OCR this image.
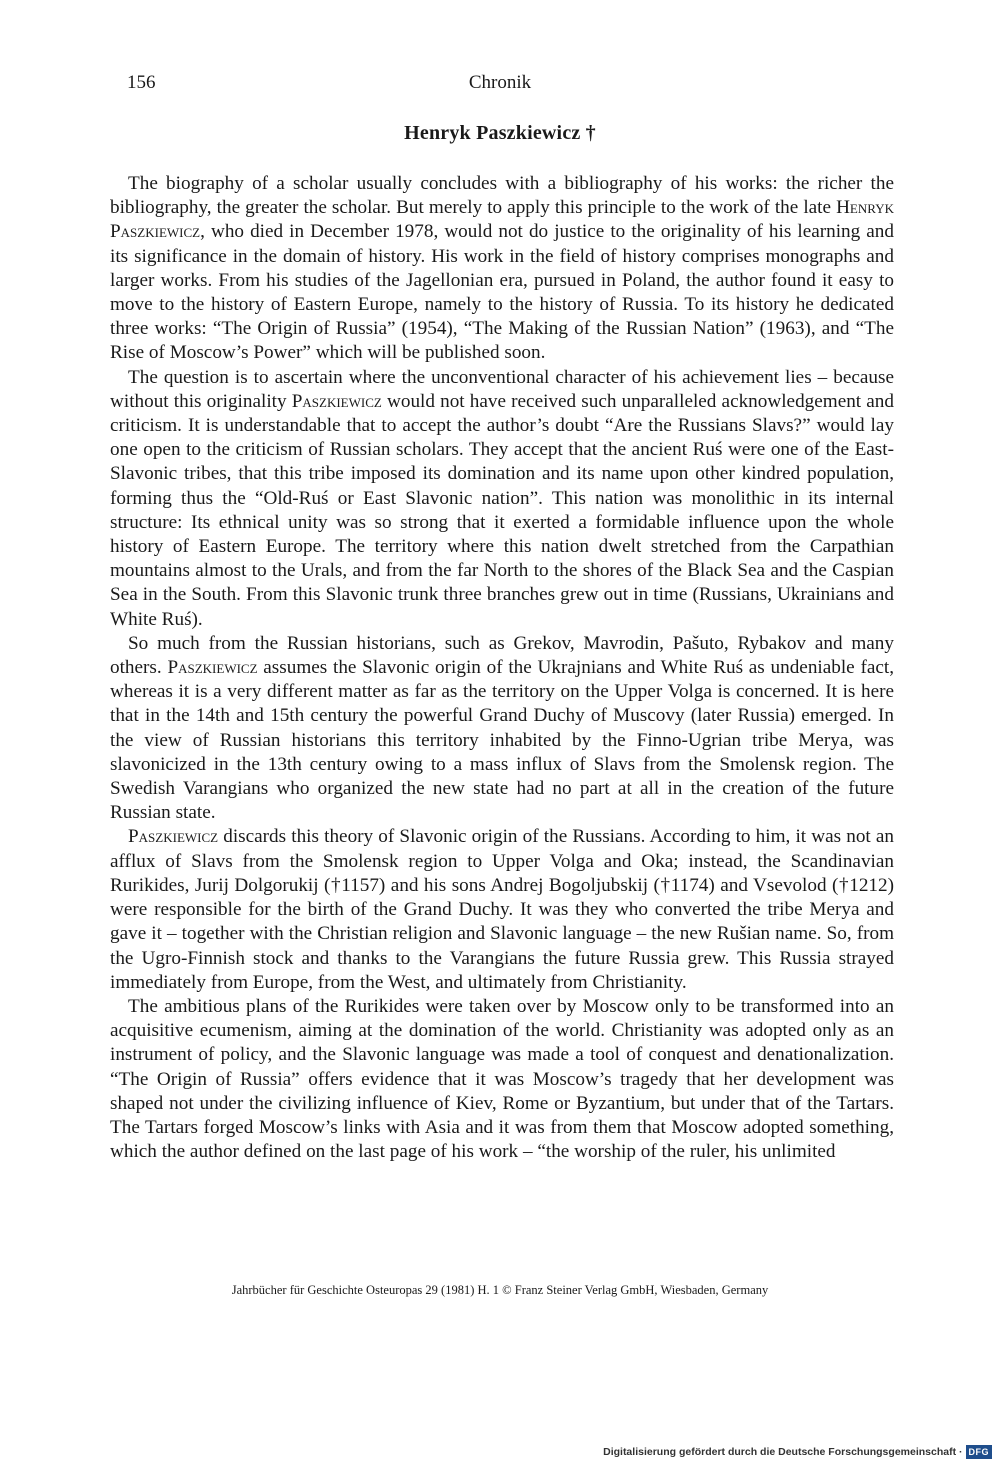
156	Chronik
Henryk Paszkiewicz †

The biography of a scholar usually concludes with a bibliography of his works: the richer the bibliography, the greater the scholar. But merely to apply this principle to the work of the late Henryk Paszkiewicz, who died in December 1978, would not do justice to the originality of his learning and its significance in the domain of history. His work in the field of history comprises monographs and larger works. From his studies of the Jagellonian era, pursued in Poland, the author found it easy to move to the history of Eastern Europe, namely to the history of Russia. To its history he dedicated three works: “The Origin of Russia” (1954), “The Making of the Russian Nation” (1963), and “The Rise of Moscow’s Power” which will be published soon.

The question is to ascertain where the unconventional character of his achievement lies – because without this originality Paszkiewicz would not have received such unparalleled acknowledgement and criticism. It is understandable that to accept the author’s doubt “Are the Russians Slavs?” would lay one open to the criticism of Russian scholars. They accept that the ancient Ruś were one of the East-Slavonic tribes, that this tribe imposed its domination and its name upon other kindred population, forming thus the “Old-Ruś or East Slavonic nation”. This nation was monolithic in its internal structure: Its ethnical unity was so strong that it exerted a formidable influence upon the whole history of Eastern Europe. The territory where this nation dwelt stretched from the Carpathian mountains almost to the Urals, and from the far North to the shores of the Black Sea and the Caspian Sea in the South. From this Slavonic trunk three branches grew out in time (Russians, Ukrainians and White Ruś).

So much from the Russian historians, such as Grekov, Mavrodin, Pašuto, Rybakov and many others. Paszkiewicz assumes the Slavonic origin of the Ukrajnians and White Ruś as undeniable fact, whereas it is a very different matter as far as the territory on the Upper Volga is concerned. It is here that in the 14th and 15th century the powerful Grand Duchy of Muscovy (later Russia) emerged. In the view of Russian historians this territory inhabited by the Finno-Ugrian tribe Merya, was slavonicized in the 13th century owing to a mass influx of Slavs from the Smolensk region. The Swedish Varangians who organized the new state had no part at all in the creation of the future Russian state.

Paszkiewicz discards this theory of Slavonic origin of the Russians. According to him, it was not an afflux of Slavs from the Smolensk region to Upper Volga and Oka; instead, the Scandinavian Rurikides, Jurij Dolgorukij (†1157) and his sons Andrej Bogoljubskij (†1174) and Vsevolod (†1212) were responsible for the birth of the Grand Duchy. It was they who converted the tribe Merya and gave it – together with the Christian religion and Slavonic language – the new Rušian name. So, from the Ugro-Finnish stock and thanks to the Varangians the future Russia grew. This Russia strayed immediately from Europe, from the West, and ultimately from Christianity.

The ambitious plans of the Rurikides were taken over by Moscow only to be transformed into an acquisitive ecumenism, aiming at the domination of the world. Christianity was adopted only as an instrument of policy, and the Slavonic language was made a tool of conquest and denationalization. “The Origin of Russia” offers evidence that it was Moscow’s tragedy that her development was shaped not under the civilizing influence of Kiev, Rome or Byzantium, but under that of the Tartars. The Tartars forged Moscow’s links with Asia and it was from them that Moscow adopted something, which the author defined on the last page of his work – “the worship of the ruler, his unlimited

Jahrbücher für Geschichte Osteuropas 29 (1981) H. 1 © Franz Steiner Verlag GmbH, Wiesbaden, Germany
Digitalisierung gefördert durch die Deutsche Forschungsgemeinschaft · DFG
